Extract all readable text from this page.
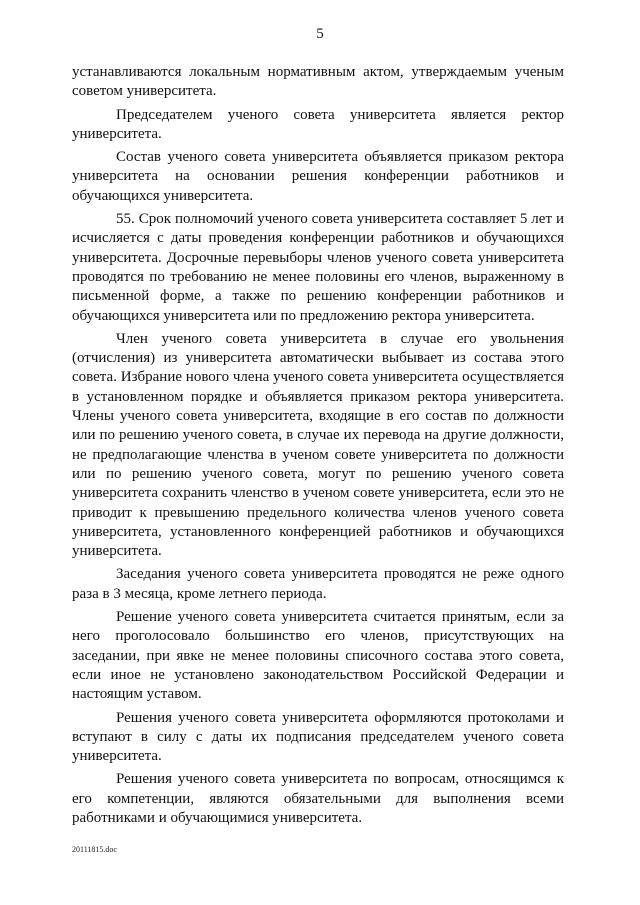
5

устанавливаются локальным нормативным актом, утверждаемым ученым советом университета.

Председателем ученого совета университета является ректор университета.

Состав ученого совета университета объявляется приказом ректора университета на основании решения конференции работников и обучающихся университета.

55. Срок полномочий ученого совета университета составляет 5 лет и исчисляется с даты проведения конференции работников и обучающихся университета. Досрочные перевыборы членов ученого совета университета проводятся по требованию не менее половины его членов, выраженному в письменной форме, а также по решению конференции работников и обучающихся университета или по предложению ректора университета.

Член ученого совета университета в случае его увольнения (отчисления) из университета автоматически выбывает из состава этого совета. Избрание нового члена ученого совета университета осуществляется в установленном порядке и объявляется приказом ректора университета. Члены ученого совета университета, входящие в его состав по должности или по решению ученого совета, в случае их перевода на другие должности, не предполагающие членства в ученом совете университета по должности или по решению ученого совета, могут по решению ученого совета университета сохранить членство в ученом совете университета, если это не приводит к превышению предельного количества членов ученого совета университета, установленного конференцией работников и обучающихся университета.

Заседания ученого совета университета проводятся не реже одного раза в 3 месяца, кроме летнего периода.

Решение ученого совета университета считается принятым, если за него проголосовало большинство его членов, присутствующих на заседании, при явке не менее половины списочного состава этого совета, если иное не установлено законодательством Российской Федерации и настоящим уставом.

Решения ученого совета университета оформляются протоколами и вступают в силу с даты их подписания председателем ученого совета университета.

Решения ученого совета университета по вопросам, относящимся к его компетенции, являются обязательными для выполнения всеми работниками и обучающимися университета.

20111815.doc
